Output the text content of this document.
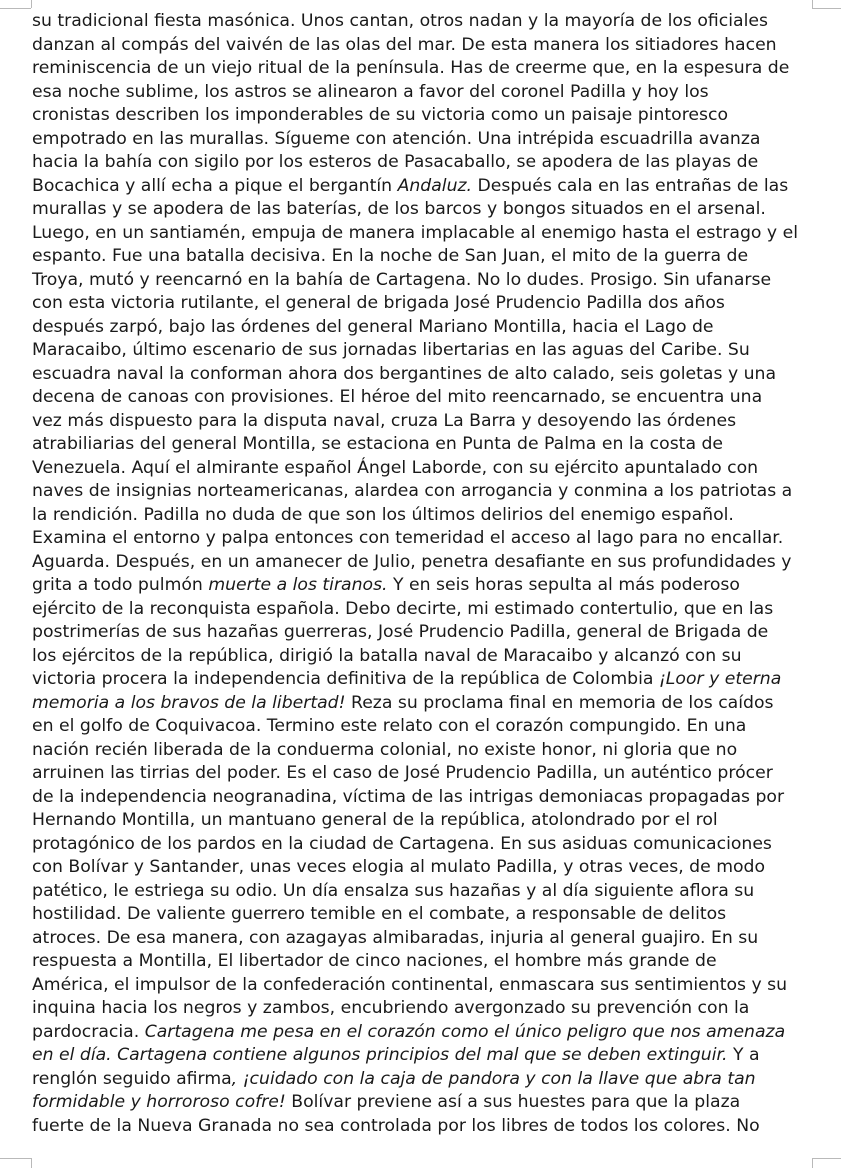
su tradicional fiesta masónica. Unos cantan, otros nadan y la mayoría de los oficiales
danzan al compás del vaivén de las olas del mar. De esta manera los sitiadores hacen
reminiscencia de un viejo ritual de la península. Has de creerme que, en la espesura de
esa noche sublime, los astros se alinearon a favor del coronel Padilla y hoy los
cronistas describen los imponderables de su victoria como un paisaje pintoresco
empotrado en las murallas. Sígueme con atención. Una intrépida escuadrilla avanza
hacia la bahía con sigilo por los esteros de Pasacaballo, se apodera de las playas de
Bocachica y allí echa a pique el bergantín Andaluz. Después cala en las entrañas de las
murallas y se apodera de las baterías, de los barcos y bongos situados en el arsenal.
Luego, en un santiamén, empuja de manera implacable al enemigo hasta el estrago y el
espanto. Fue una batalla decisiva. En la noche de San Juan, el mito de la guerra de
Troya, mutó y reencarnó en la bahía de Cartagena. No lo dudes. Prosigo. Sin ufanarse
con esta victoria rutilante, el general de brigada José Prudencio Padilla dos años
después zarpó, bajo las órdenes del general Mariano Montilla, hacia el Lago de
Maracaibo, último escenario de sus jornadas libertarias en las aguas del Caribe. Su
escuadra naval la conforman ahora dos bergantines de alto calado, seis goletas y una
decena de canoas con provisiones. El héroe del mito reencarnado, se encuentra una
vez más dispuesto para la disputa naval, cruza La Barra y desoyendo las órdenes
atrabiliarias del general Montilla, se estaciona en Punta de Palma en la costa de
Venezuela. Aquí el almirante español Ángel Laborde, con su ejército apuntalado con
naves de insignias norteamericanas, alardea con arrogancia y conmina a los patriotas a
la rendición. Padilla no duda de que son los últimos delirios del enemigo español.
Examina el entorno y palpa entonces con temeridad el acceso al lago para no encallar.
Aguarda. Después, en un amanecer de Julio, penetra desafiante en sus profundidades y
grita a todo pulmón muerte a los tiranos. Y en seis horas sepulta al más poderoso
ejército de la reconquista española. Debo decirte, mi estimado contertulio, que en las
postrimerías de sus hazañas guerreras, José Prudencio Padilla, general de Brigada de
los ejércitos de la república, dirigió la batalla naval de Maracaibo y alcanzó con su
victoria procera la independencia definitiva de la república de Colombia ¡Loor y eterna
memoria a los bravos de la libertad! Reza su proclama final en memoria de los caídos
en el golfo de Coquivacoa. Termino este relato con el corazón compungido. En una
nación recién liberada de la conduerma colonial, no existe honor, ni gloria que no
arruinen las tirrias del poder. Es el caso de José Prudencio Padilla, un auténtico prócer
de la independencia neogranadina, víctima de las intrigas demoniacas propagadas por
Hernando Montilla, un mantuano general de la república, atolondrado por el rol
protagónico de los pardos en la ciudad de Cartagena. En sus asiduas comunicaciones
con Bolívar y Santander, unas veces elogia al mulato Padilla, y otras veces, de modo
patético, le estriega su odio. Un día ensalza sus hazañas y al día siguiente aflora su
hostilidad. De valiente guerrero temible en el combate, a responsable de delitos
atroces. De esa manera, con azagayas almibaradas, injuria al general guajiro. En su
respuesta a Montilla, El libertador de cinco naciones, el hombre más grande de
América, el impulsor de la confederación continental, enmascara sus sentimientos y su
inquina hacia los negros y zambos, encubriendo avergonzado su prevención con la
pardocracia. Cartagena me pesa en el corazón como el único peligro que nos amenaza
en el día. Cartagena contiene algunos principios del mal que se deben extinguir. Y a
renglón seguido afirma, ¡cuidado con la caja de pandora y con la llave que abra tan
formidable y horroroso cofre! Bolívar previene así a sus huestes para que la plaza
fuerte de la Nueva Granada no sea controlada por los libres de todos los colores. No
